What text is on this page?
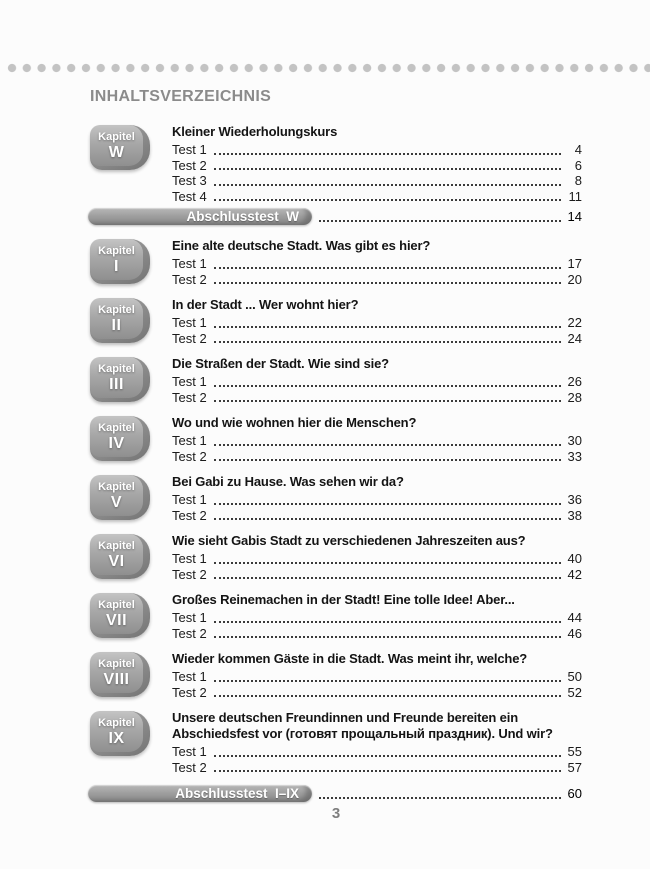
INHALTSVERZEICHNIS
Kapitel
W
Kleiner Wiederholungskurs
Test 1	4
Test 2	6
Test 3	8
Test 4	11
Abschlusstest  W	14
Kapitel
I
Eine alte deutsche Stadt. Was gibt es hier?
Test 1	17
Test 2	20
Kapitel
II
In der Stadt ... Wer wohnt hier?
Test 1	22
Test 2	24
Kapitel
III
Die Straßen der Stadt. Wie sind sie?
Test 1	26
Test 2	28
Kapitel
IV
Wo und wie wohnen hier die Menschen?
Test 1	30
Test 2	33
Kapitel
V
Bei Gabi zu Hause. Was sehen wir da?
Test 1	36
Test 2	38
Kapitel
VI
Wie sieht Gabis Stadt zu verschiedenen Jahreszeiten aus?
Test 1	40
Test 2	42
Kapitel
VII
Großes Reinemachen in der Stadt! Eine tolle Idee! Aber...
Test 1	44
Test 2	46
Kapitel
VIII
Wieder kommen Gäste in die Stadt. Was meint ihr, welche?
Test 1	50
Test 2	52
Kapitel
IX
Unsere deutschen Freundinnen und Freunde bereiten ein Abschiedsfest vor (готовят прощальный праздник). Und wir?
Test 1	55
Test 2	57
Abschlusstest  I–IX	60
3
